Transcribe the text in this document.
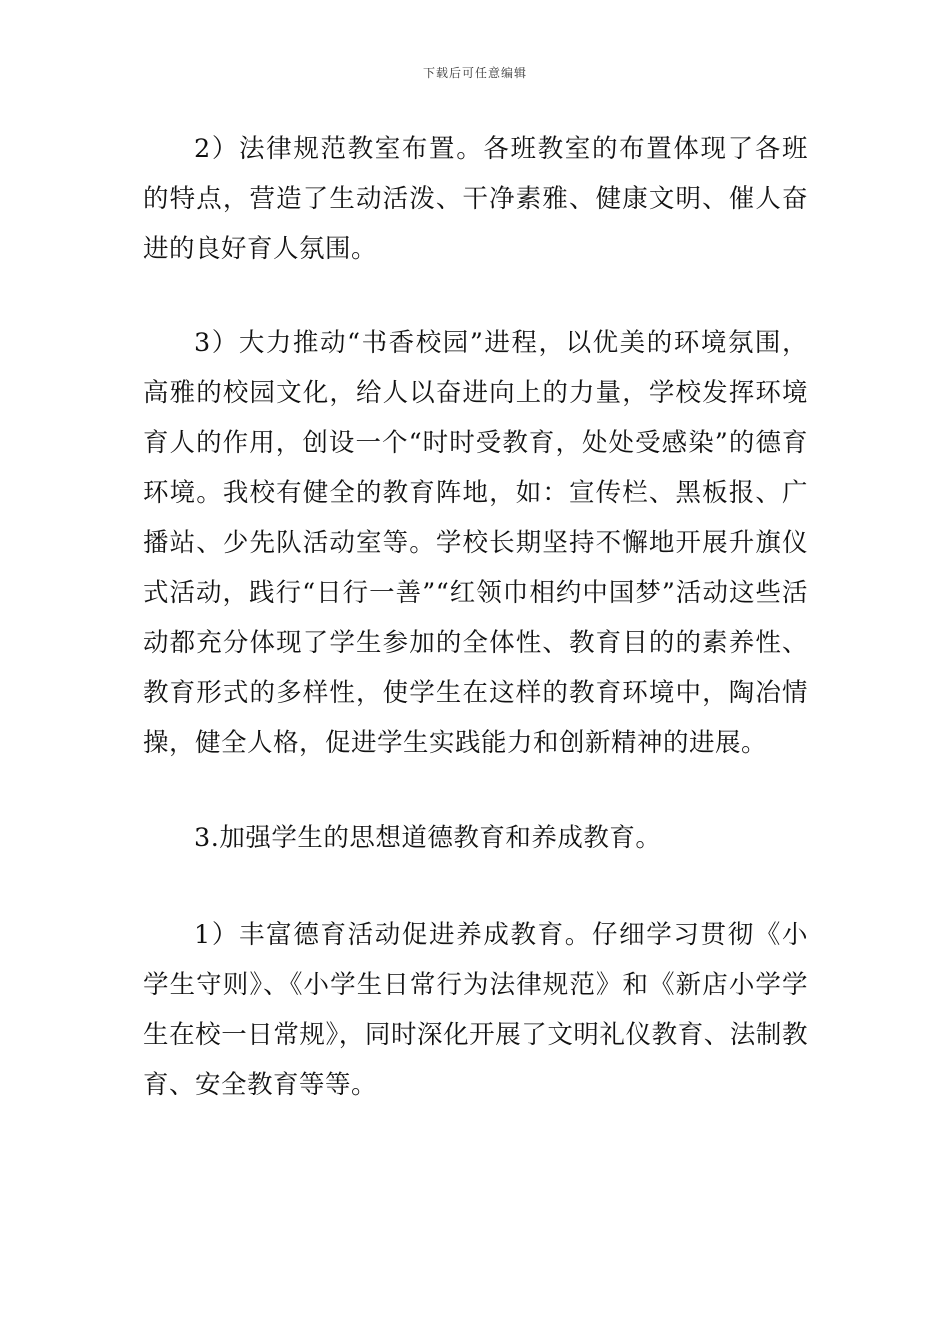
下载后可任意编辑

2）法律规范教室布置。各班教室的布置体现了各班的特点，营造了生动活泼、干净素雅、健康文明、催人奋进的良好育人氛围。

3）大力推动“书香校园”进程，以优美的环境氛围，高雅的校园文化，给人以奋进向上的力量，学校发挥环境育人的作用，创设一个“时时受教育，处处受感染”的德育环境。我校有健全的教育阵地，如：宣传栏、黑板报、广播站、少先队活动室等。学校长期坚持不懈地开展升旗仪式活动，践行“日行一善”“红领巾相约中国梦”活动这些活动都充分体现了学生参加的全体性、教育目的的素养性、教育形式的多样性，使学生在这样的教育环境中，陶冶情操，健全人格，促进学生实践能力和创新精神的进展。

3.加强学生的思想道德教育和养成教育。

1）丰富德育活动促进养成教育。仔细学习贯彻《小学生守则》、《小学生日常行为法律规范》和《新店小学学生在校一日常规》，同时深化开展了文明礼仪教育、法制教育、安全教育等等。
